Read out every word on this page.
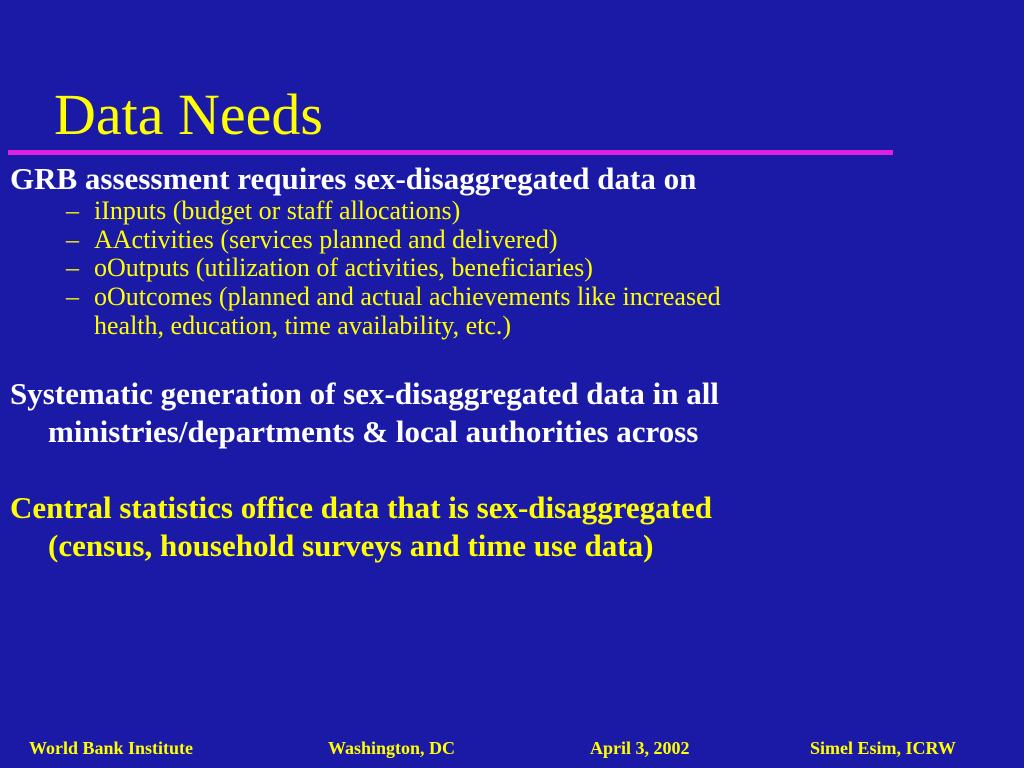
Data Needs

GRB assessment requires sex-disaggregated data on

– iInputs (budget or staff allocations)
– AActivities (services planned and delivered)
– oOutputs (utilization of activities, beneficiaries)
– oOutcomes (planned and actual achievements like increased
health, education, time availability, etc.)

Systematic generation of sex-disaggregated data in all
ministries/departments & local authorities across

Central statistics office data that is sex-disaggregated
(census, household surveys and time use data)

World Bank Institute	Washington, DC	April 3, 2002	Simel Esim, ICRW
